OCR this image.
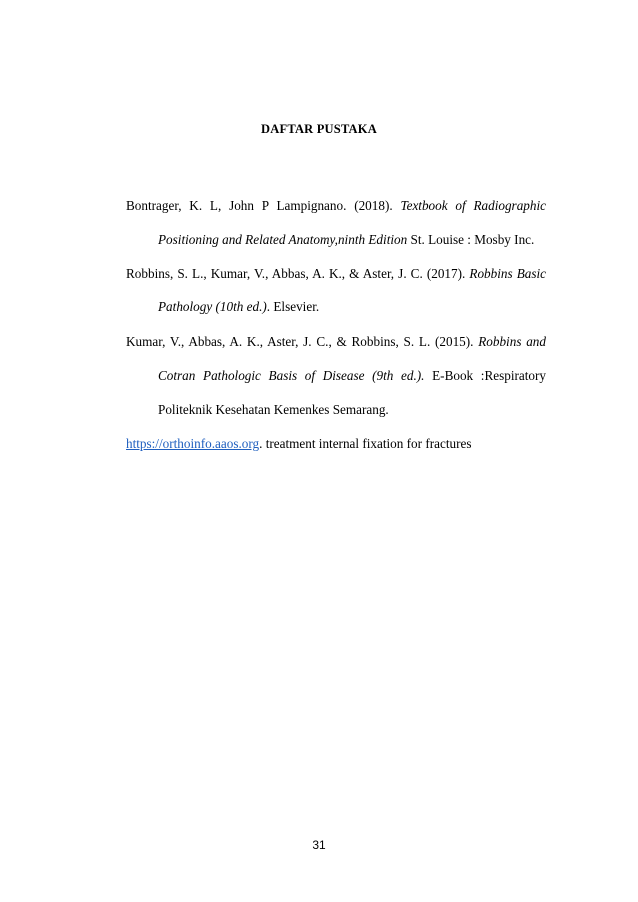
DAFTAR PUSTAKA
Bontrager, K. L, John P Lampignano. (2018). Textbook of Radiographic
Positioning and Related Anatomy,ninth Edition St. Louise : Mosby Inc.
Robbins, S. L., Kumar, V., Abbas, A. K., & Aster, J. C. (2017). Robbins Basic
Pathology (10th ed.). Elsevier.
Kumar, V., Abbas, A. K., Aster, J. C., & Robbins, S. L. (2015). Robbins and
Cotran Pathologic Basis of Disease (9th ed.). E-Book :Respiratory
Politeknik Kesehatan Kemenkes Semarang.
https://orthoinfo.aaos.org. treatment internal fixation for fractures
31
